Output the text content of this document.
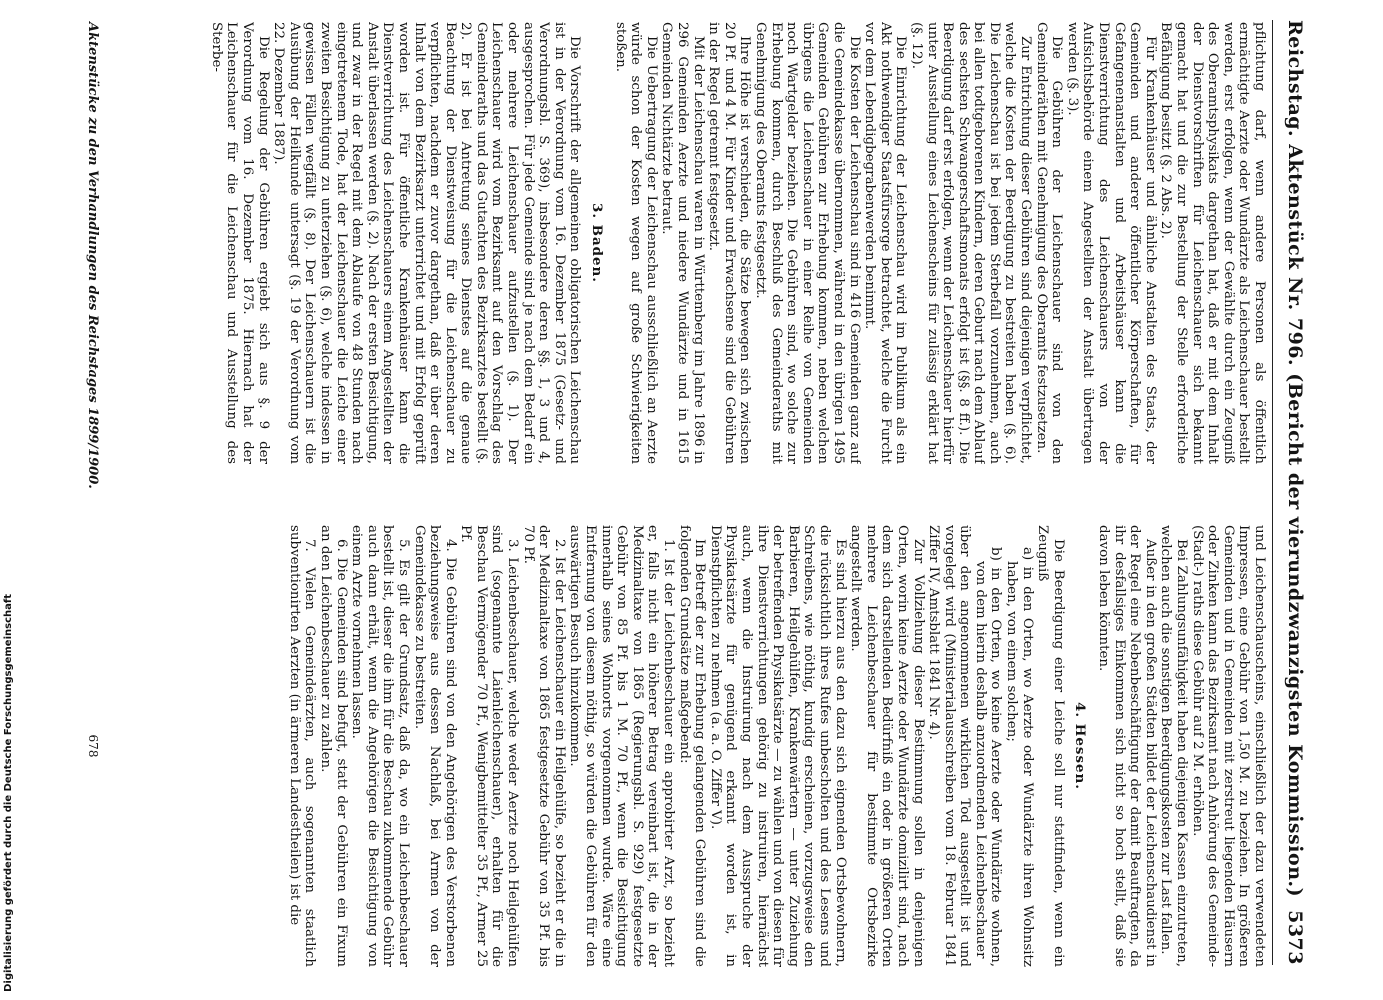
Digitalisierung gefördert durch die Deutsche Forschungsgemeinschaft	Reichstag. Aktenstück Nr. 796. (Bericht der vierundzwanzigsten Kommission.)
5373

pflichtung darf, wenn andere Personen als öffentlich ermächtigte Aerzte oder Wundärzte als Leichenschauer bestellt werden, erst erfolgen, wenn der Gewählte durch ein Zeugniß des Oberamtsphysikats dargethan hat, daß er mit dem Inhalt der Dienstvorschriften für Leichenschauer sich bekannt gemacht hat und die zur Bestellung der Stelle erforderliche Befähigung besitzt (§. 2 Abs. 2).

Für Krankenhäuser und ähnliche Anstalten des Staats, der Gemeinden und anderer öffentlicher Körperschaften, für Gefangenenanstalten und Arbeitshäuser kann die Dienstverrichtung des Leichenschauers von der Aufsichtsbehörde einem Angestellten der Anstalt übertragen werden (§. 3).

Die Gebühren der Leichenschauer sind von den Gemeinderäthen mit Genehmigung des Oberamts festzusetzen.

Zur Entrichtung dieser Gebühren sind diejenigen verpflichtet, welche die Kosten der Beerdigung zu bestreiten haben (§. 6). Die Leichenschau ist bei jedem Sterbefall vorzunehmen, auch bei allen todtgeborenen Kindern, deren Geburt nach dem Ablauf des sechsten Schwangerschaftsmonats erfolgt ist (§§. 8 ff.). Die Beerdigung darf erst erfolgen, wenn der Leichenschauer hierfür unter Ausstellung eines Leichenscheins für zulässig erklärt hat (§. 12).

Die Einrichtung der Leichenschau wird im Publikum als ein Akt nothwendiger Staatsfürsorge betrachtet, welche die Furcht vor dem Lebendigbegrabenwerden benimmt.

Die Kosten der Leichenschau sind in 416 Gemeinden ganz auf die Gemeindekasse übernommen, während in den übrigen 1495 Gemeinden Gebühren zur Erhebung kommen, neben welchen übrigens die Leichenschauer in einer Reihe von Gemeinden noch Wartgelder beziehen. Die Gebühren sind, wo solche zur Erhebung kommen, durch Beschluß des Gemeinderaths mit Genehmigung des Oberamts festgesetzt.

Ihre Höhe ist verschieden, die Sätze bewegen sich zwischen 20 Pf. und 4 M. Für Kinder und Erwachsene sind die Gebühren in der Regel getrennt festgesetzt.

Mit der Leichenschau waren in Württemberg im Jahre 1896 in 296 Gemeinden Aerzte und niedere Wundärzte und in 1615 Gemeinden Nichtärzte betraut.

Die Uebertragung der Leichenschau ausschließlich an Aerzte würde schon der Kosten wegen auf große Schwierigkeiten stoßen.

3. Baden.

Die Vorschrift der allgemeinen obligatorischen Leichenschau ist in der Verordnung vom 16. Dezember 1875 (Gesetz- und Verordnungsbl. S. 369), insbesondere deren §§. 1, 3 und 4, ausgesprochen. Für jede Gemeinde sind je nach dem Bedarf ein oder mehrere Leichenschauer aufzustellen (§. 1). Der Leichenschauer wird vom Bezirksamt auf den Vorschlag des Gemeinderaths und das Gutachten des Bezirksarztes bestellt (§. 2). Er ist bei Antretung seines Dienstes auf die genaue Beachtung der Dienstweisung für die Leichenschauer zu verpflichten, nachdem er zuvor dargethan, daß er über deren Inhalt von dem Bezirksarzt unterrichtet und mit Erfolg geprüft worden ist. Für öffentliche Krankenhäuser kann die Dienstverrichtung des Leichenschauers einem Angestellten der Anstalt überlassen werden (§. 2). Nach der ersten Besichtigung, und zwar in der Regel mit dem Ablaufe von 48 Stunden nach eingetretenem Tode, hat der Leichenschauer die Leiche einer zweiten Besichtigung zu unterziehen (§. 6), welche indessen in gewissen Fällen wegfällt (§. 8). Der Leichenschauern ist die Ausübung der Heilkunde untersagt (§. 19 der Verordnung vom 22. Dezember 1887).

Die Regelung der Gebühren ergiebt sich aus §. 9 der Verordnung vom 16. Dezember 1875. Hiernach hat der Leichenschauer für die Leichenschau und Ausstellung des Sterbe-

und Leichenschauscheins, einschließlich der dazu verwendeten Impressen, eine Gebühr von 1,50 M. zu beziehen. In größeren Gemeinden und in Gemeinden mit zerstreut liegenden Häusern oder Zinken kann das Bezirksamt nach Anhörung des Gemeinde- (Stadt-) raths diese Gebühr auf 2 M. erhöhen.

Bei Zahlungsunfähigkeit haben diejenigen Kassen einzutreten, welchen auch die sonstigen Beerdigungskosten zur Last fallen.

Außer in den großen Städten bildet der Leichenschaudienst in der Regel eine Nebenbeschäftigung der damit Beauftragten, da ihr desfallsiges Einkommen sich nicht so hoch stellt, daß sie davon leben könnten.

4. Hessen.

Die Beerdigung einer Leiche soll nur stattfinden, wenn ein Zeugniß

a) in den Orten, wo Aerzte oder Wundärzte ihren Wohnsitz haben, von einem solchen;
b) in den Orten, wo keine Aerzte oder Wundärzte wohnen, von dem hierin deshalb anzuordnenden Leichenbeschauer

über den angenommenen wirklichen Tod ausgestellt ist und vorgelegt wird (Ministerialausschreiben vom 18. Februar 1841 Ziffer IV, Amtsblatt 1841 Nr. 4).

Zur Vollziehung dieser Bestimmung sollen in denjenigen Orten, worin keine Aerzte oder Wundärzte domizilirt sind, nach dem sich darstellenden Bedürfniß ein oder in größeren Orten mehrere Leichenbeschauer für bestimmte Ortsbezirke angestellt werden.

Es sind hierzu aus den dazu sich eignenden Ortsbewohnern, die rücksichtlich ihres Rufes unbescholten und des Lesens und Schreibens, wie nöthig, kundig erscheinen, vorzugsweise den Barbieren, Heilgehülfen, Krankenwärtern — unter Zuziehung der betreffenden Physikatsärzte — zu wählen und von diesen für ihre Dienstverrichtungen gehörig zu instruiren, hiernächst auch, wenn die Instruirung nach dem Ausspruche der Physikatsärzte für genügend erkannt worden ist, in Dienstpflichten zu nehmen (a. a. O. Ziffer V).

Im Betreff der zur Erhebung gelangenden Gebühren sind die folgenden Grundsätze maßgebend:

1. Ist der Leichenbeschauer ein approbirter Arzt, so bezieht er, falls nicht ein höherer Betrag vereinbart ist, die in der Medizinaltaxe von 1865 (Regierungsbl. S. 929) festgesetzte Gebühr von 85 Pf. bis 1 M. 70 Pf., wenn die Besichtigung innerhalb seines Wohnorts vorgenommen wurde. Wäre eine Entfernung von diesem nöthig, so würden die Gebühren für den auswärtigen Besuch hinzukommen.

2. Ist der Leichenschauer ein Heilgehülfe, so bezieht er die in der Medizinaltaxe von 1865 festgesetzte Gebühr von 35 Pf. bis 70 Pf.

3. Leichenbeschauer, welche weder Aerzte noch Heilgehülfen sind (sogenannte Laienleichenschauer), erhalten für die Beschau Vermögender 70 Pf., Wenigbemittelter 35 Pf., Armer 25 Pf.

4. Die Gebühren sind von den Angehörigen des Verstorbenen beziehungsweise aus dessen Nachlaß, bei Armen von der Gemeindekasse zu bestreiten.

5. Es gilt der Grundsatz, daß da, wo ein Leichenbeschauer bestellt ist, dieser die ihm für die Beschau zukommende Gebühr auch dann erhält, wenn die Angehörigen die Besichtigung von einem Arzte vornehmen lassen.

6. Die Gemeinden sind befugt, statt der Gebühren ein Fixum an den Leichenbeschauer zu zahlen.

7. Vielen Gemeindeärzten, auch sogenannten staatlich subventionirten Aerzten (in ärmeren Landestheilen) ist die

Aktenstücke zu den Verhandlungen des Reichstages 1899/1900.
678
